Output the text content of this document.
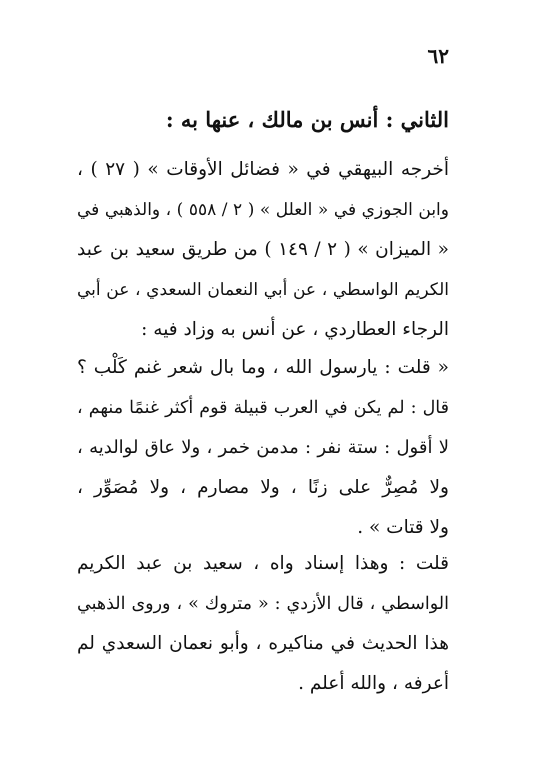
٦٢
الثاني : أنس بن مالك ، عنها به :
أخرجه البيهقي في « فضائل الأوقات » ( ٢٧ ) ،
وابن الجوزي في « العلل » ( ٢ / ٥٥٨ ) ، والذهبي في
« الميزان » ( ٢ / ١٤٩ ) من طريق سعيد بن عبد
الكريم الواسطي ، عن أبي النعمان السعدي ، عن أبي
الرجاء العطاردي ، عن أنس به وزاد فيه :
« قلت : يارسول الله ، وما بال شعر غنم كَلْب ؟
قال : لم يكن في العرب قبيلة قوم أكثر غنمًا منهم ،
لا أقول : ستة نفر : مدمن خمر ، ولا عاق لوالديه ،
ولا مُصِرٌّ على زنًا ، ولا مصارم ، ولا مُصَوِّر ،
ولا قتات » .
قلت : وهذا إسناد واه ، سعيد بن عبد الكريم
الواسطي ، قال الأزدي : « متروك » ، وروى الذهبي
هذا الحديث في مناكيره ، وأبو نعمان السعدي لم
أعرفه ، والله أعلم .
